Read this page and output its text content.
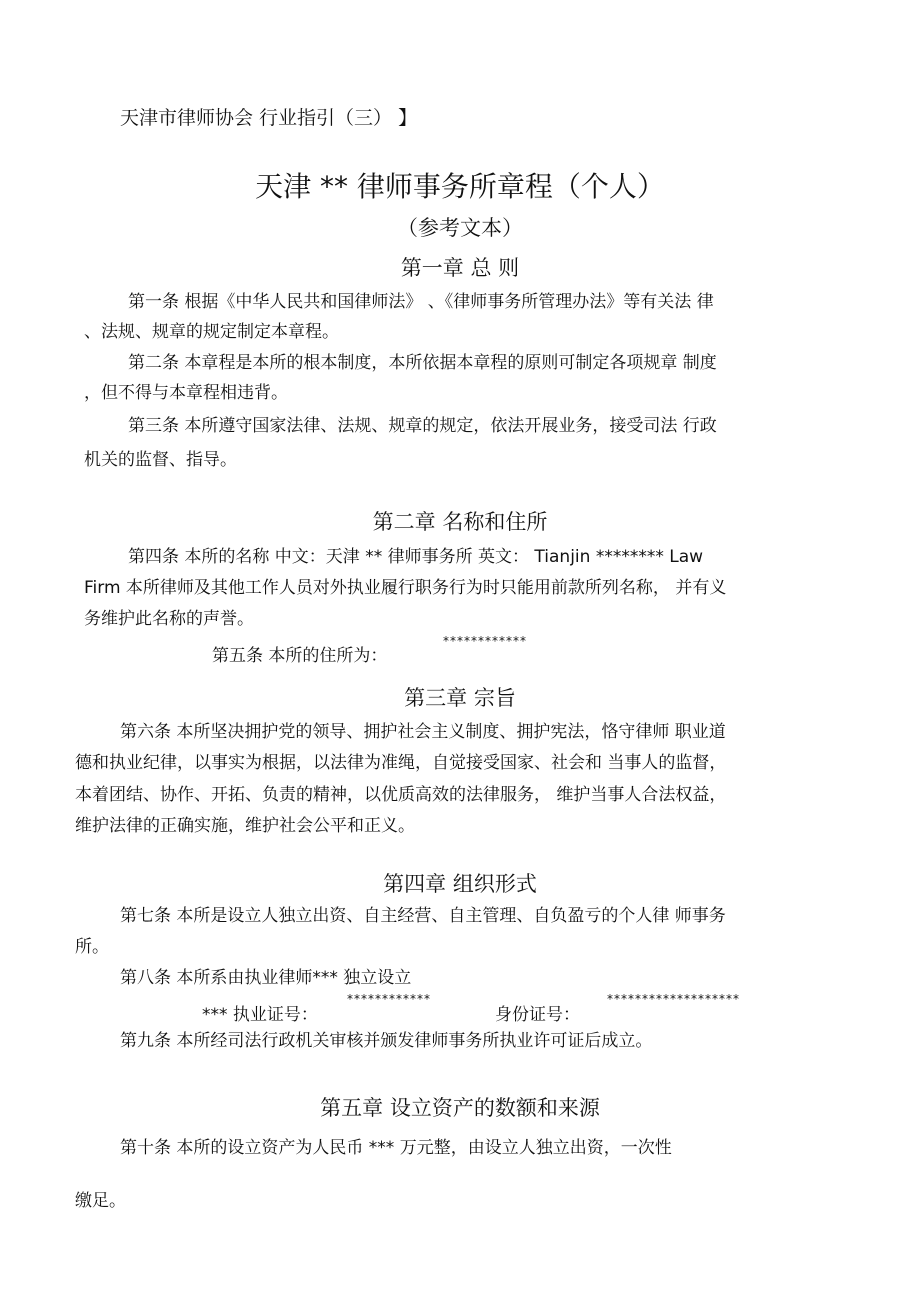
天津市律师协会 行业指引（三） 】
天津 ** 律师事务所章程（个人）
（参考文本）
第一章 总 则
第一条 根据《中华人民共和国律师法》 、《律师事务所管理办法》等有关法 律
、法规、规章的规定制定本章程。
第二条 本章程是本所的根本制度，本所依据本章程的原则可制定各项规章 制度
，但不得与本章程相违背。
第三条 本所遵守国家法律、法规、规章的规定，依法开展业务，接受司法 行政
机关的监督、指导。
第二章 名称和住所
第四条 本所的名称 中文：天津 ** 律师事务所 英文： Tianjin ******** Law
Firm 本所律师及其他工作人员对外执业履行职务行为时只能用前款所列名称， 并有义
务维护此名称的声誉。
************
第五条 本所的住所为：
第三章 宗旨
第六条 本所坚决拥护党的领导、拥护社会主义制度、拥护宪法，恪守律师 职业道
德和执业纪律，以事实为根据，以法律为准绳，自觉接受国家、社会和 当事人的监督，
本着团结、协作、开拓、负责的精神，以优质高效的法律服务， 维护当事人合法权益，
维护法律的正确实施，维护社会公平和正义。
第四章 组织形式
第七条 本所是设立人独立出资、自主经营、自主管理、自负盈亏的个人律 师事务
所。
第八条 本所系由执业律师*** 独立设立
************	*******************
*** 执业证号：	身份证号：
第九条 本所经司法行政机关审核并颁发律师事务所执业许可证后成立。
第五章 设立资产的数额和来源
第十条 本所的设立资产为人民币 *** 万元整，由设立人独立出资，一次性
缴足。
